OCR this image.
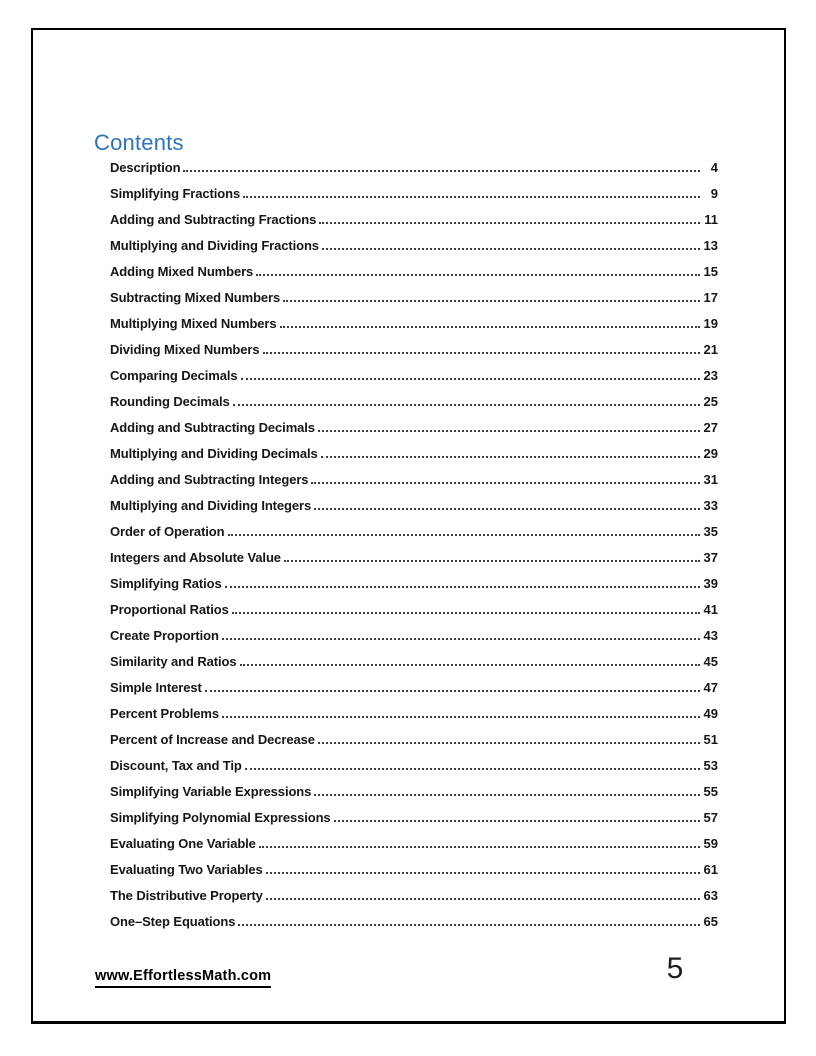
Contents
Description	4
Simplifying Fractions	9
Adding and Subtracting Fractions	11
Multiplying and Dividing Fractions	13
Adding Mixed Numbers	15
Subtracting Mixed Numbers	17
Multiplying Mixed Numbers	19
Dividing Mixed Numbers	21
Comparing Decimals	23
Rounding Decimals	25
Adding and Subtracting Decimals	27
Multiplying and Dividing Decimals	29
Adding and Subtracting Integers	31
Multiplying and Dividing Integers	33
Order of Operation	35
Integers and Absolute Value	37
Simplifying Ratios	39
Proportional Ratios	41
Create Proportion	43
Similarity and Ratios	45
Simple Interest	47
Percent Problems	49
Percent of Increase and Decrease	51
Discount, Tax and Tip	53
Simplifying Variable Expressions	55
Simplifying Polynomial Expressions	57
Evaluating One Variable	59
Evaluating Two Variables	61
The Distributive Property	63
One–Step Equations	65
www.EffortlessMath.com	5
